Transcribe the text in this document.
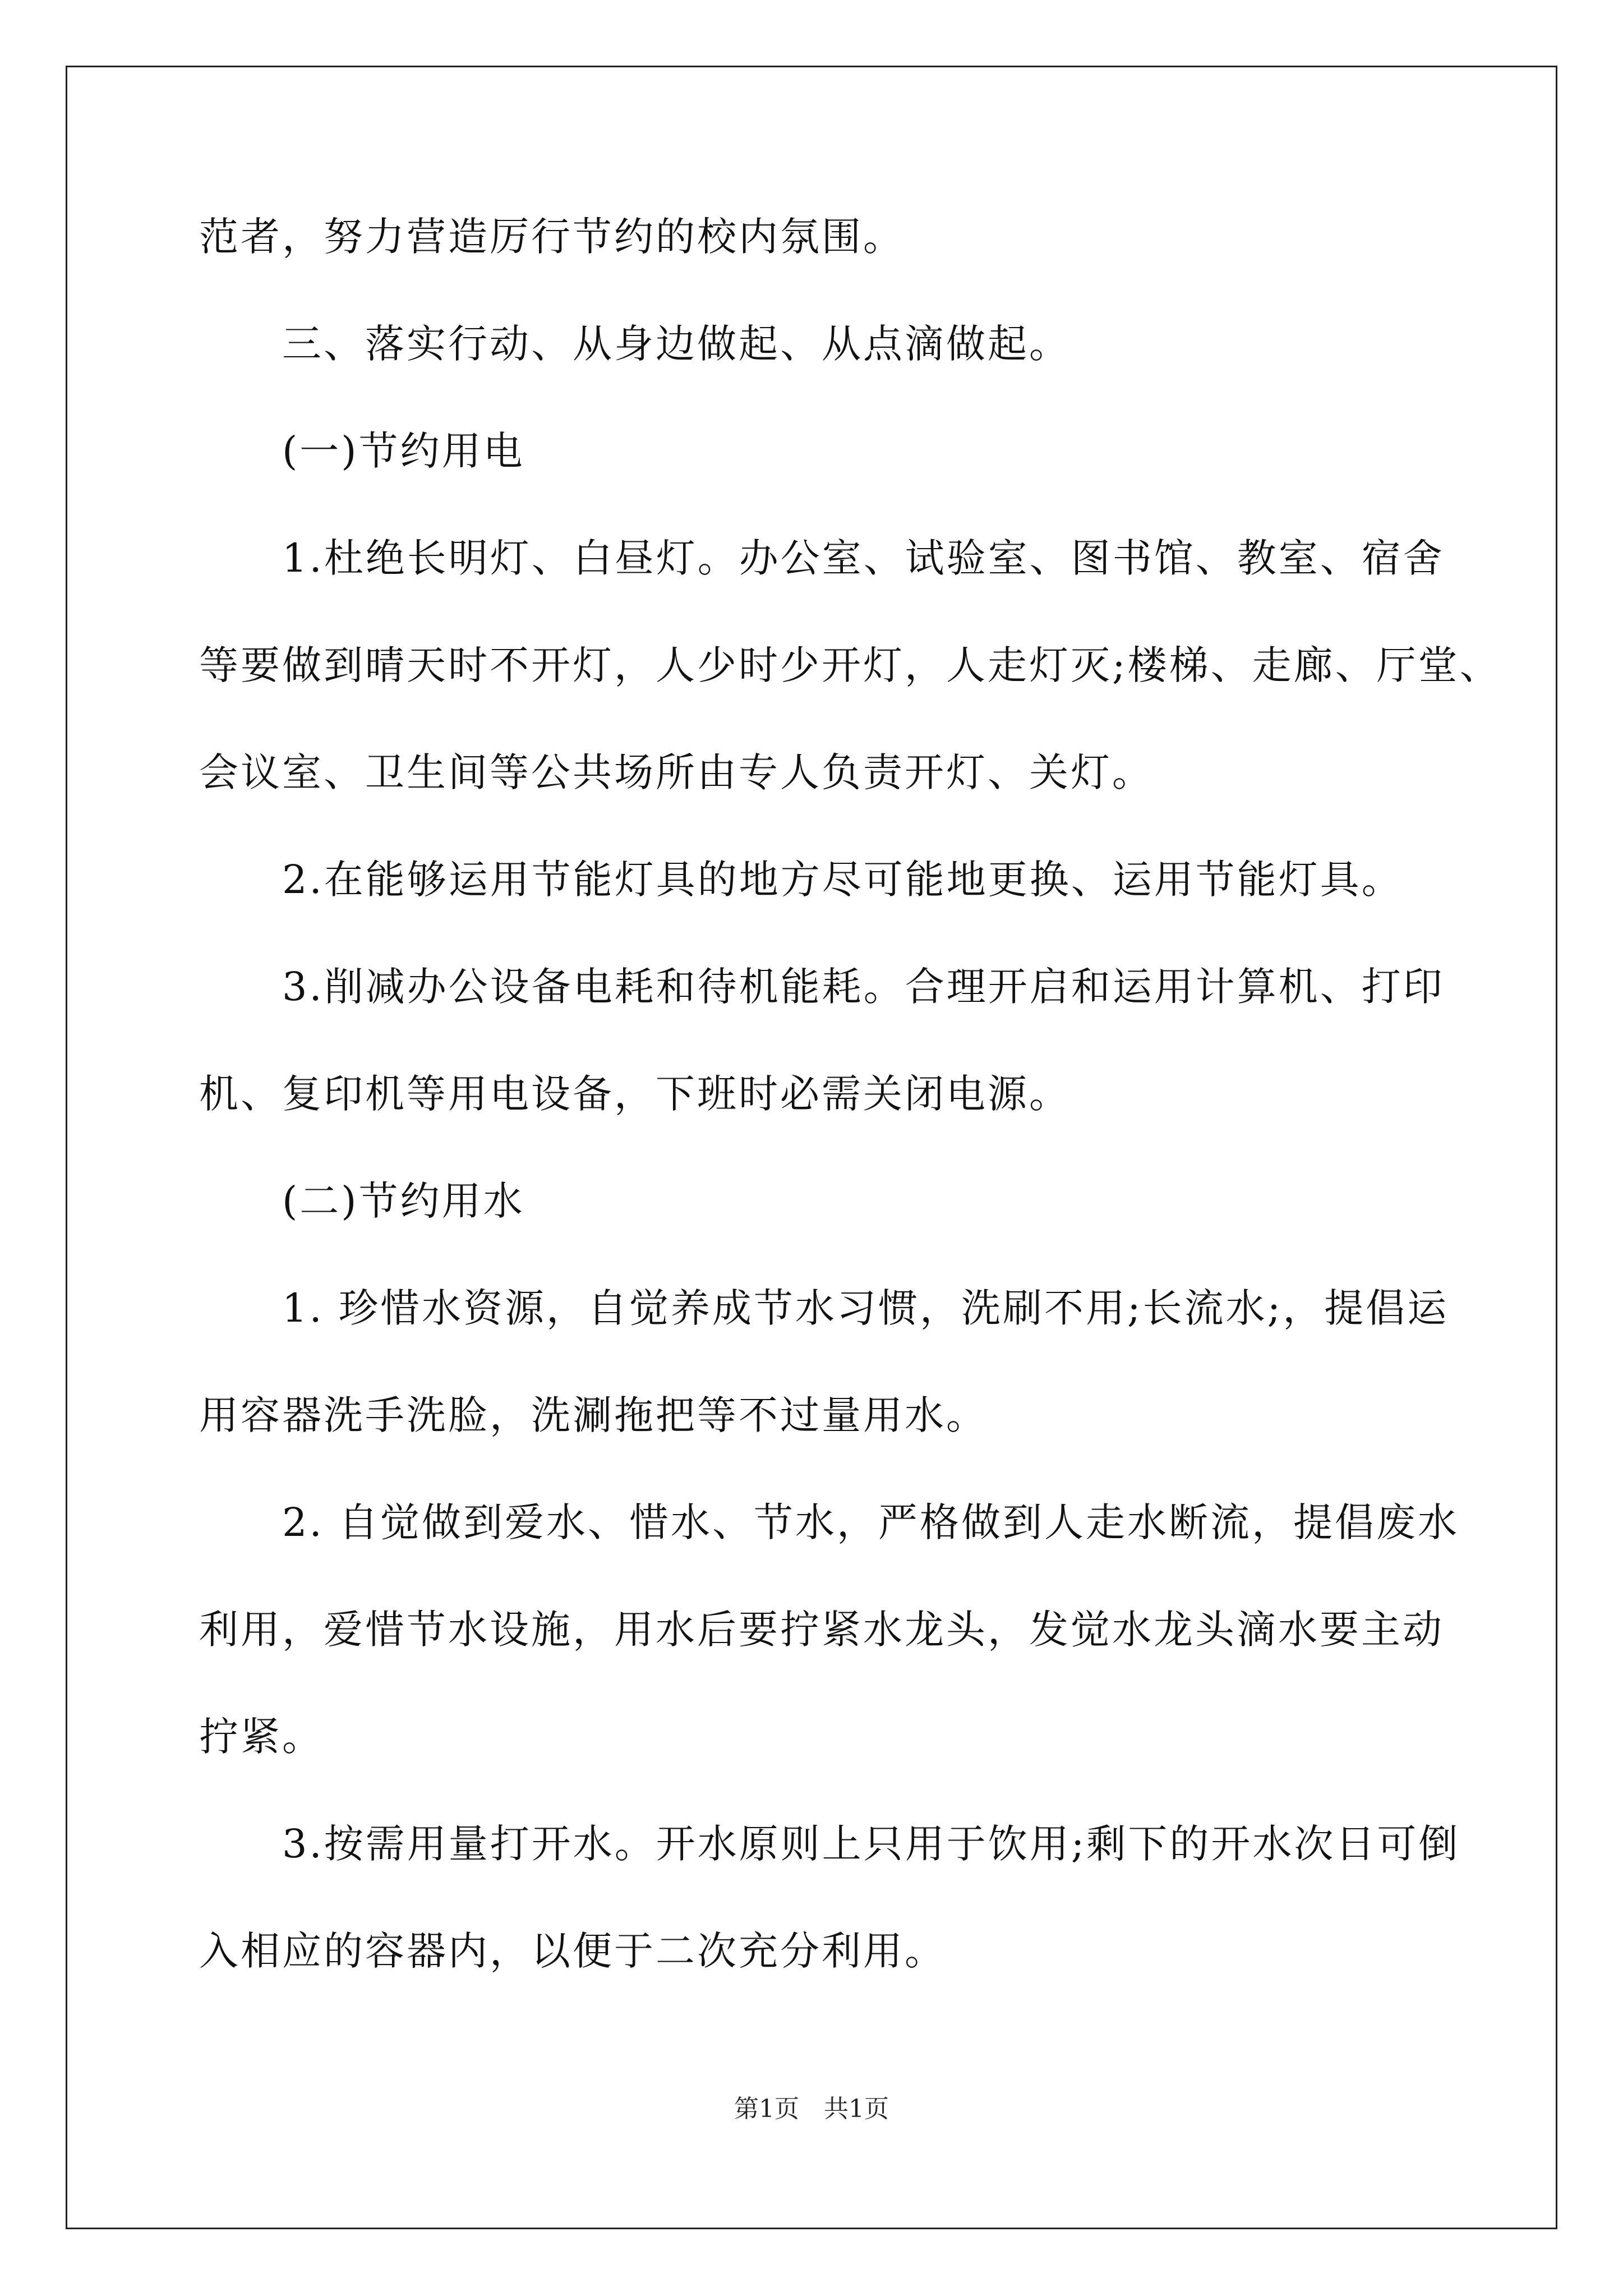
范者，努力营造厉行节约的校内氛围。
三、落实行动、从身边做起、从点滴做起。
(一)节约用电
1.杜绝长明灯、白昼灯。办公室、试验室、图书馆、教室、宿舍
等要做到晴天时不开灯，人少时少开灯，人走灯灭;楼梯、走廊、厅堂、
会议室、卫生间等公共场所由专人负责开灯、关灯。
2.在能够运用节能灯具的地方尽可能地更换、运用节能灯具。
3.削减办公设备电耗和待机能耗。合理开启和运用计算机、打印
机、复印机等用电设备，下班时必需关闭电源。
(二)节约用水
1. 珍惜水资源，自觉养成节水习惯，洗刷不用;长流水;，提倡运
用容器洗手洗脸，洗涮拖把等不过量用水。
2. 自觉做到爱水、惜水、节水，严格做到人走水断流，提倡废水
利用，爱惜节水设施，用水后要拧紧水龙头，发觉水龙头滴水要主动
拧紧。
3.按需用量打开水。开水原则上只用于饮用;剩下的开水次日可倒
入相应的容器内，以便于二次充分利用。
第1页　共1页
